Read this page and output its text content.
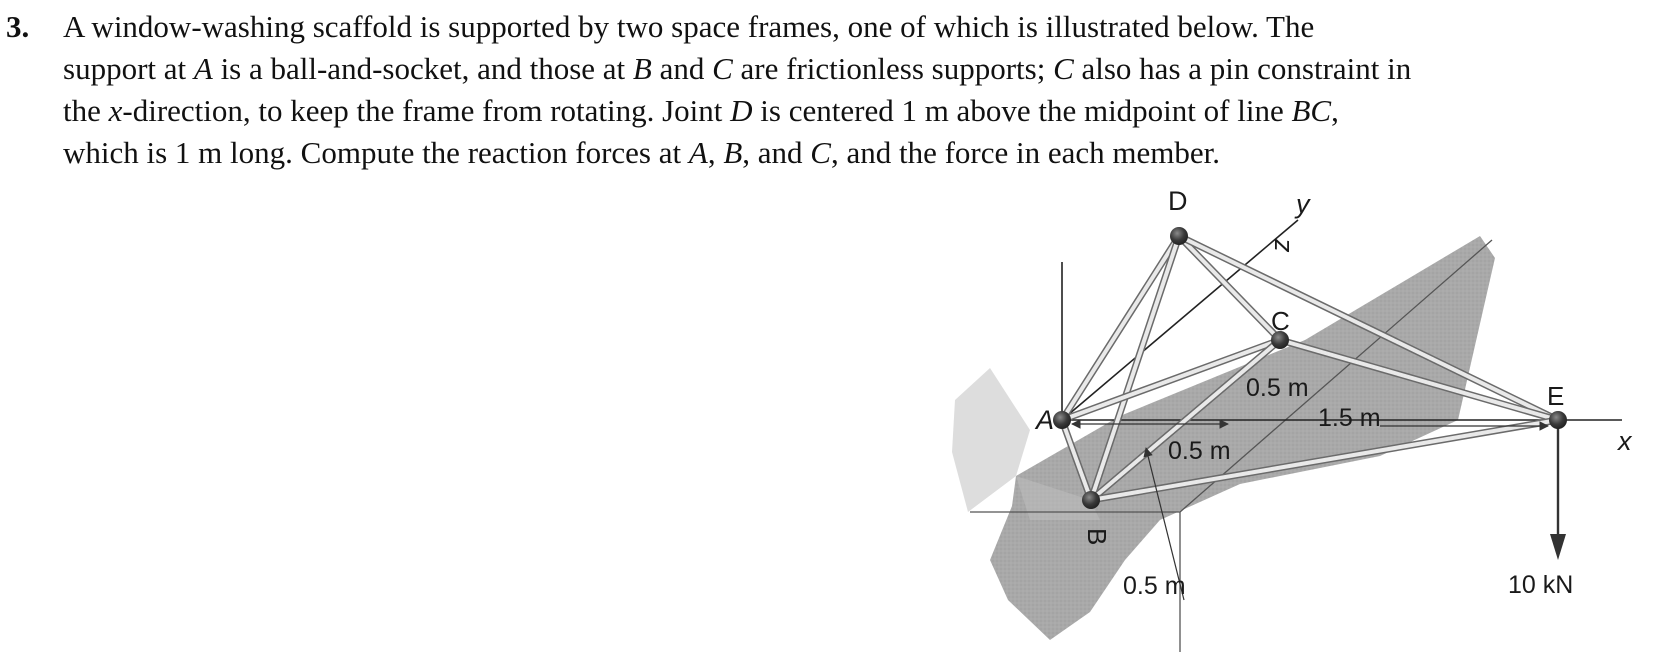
3. A window-washing scaffold is supported by two space frames, one of which is illustrated below. The
support at A is a ball-and-socket, and those at B and C are frictionless supports; C also has a pin constraint in
the x-direction, to keep the frame from rotating. Joint D is centered 1 m above the midpoint of line BC,
which is 1 m long. Compute the reaction forces at A, B, and C, and the force in each member.
D	y
z
C
A
B
E
x
0.5 m
1.5 m
0.5 m
0.5 m	10 kN
